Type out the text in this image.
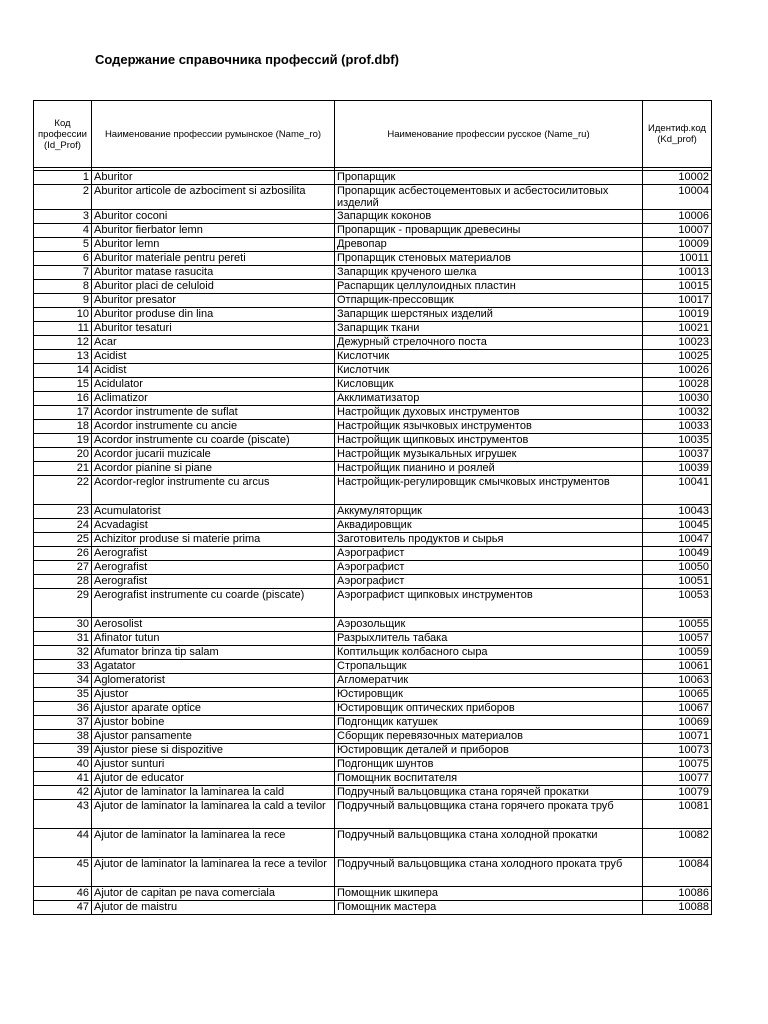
Содержание справочника профессий (prof.dbf)
Код профессии (Id_Prof)	Наименование профессии румынское (Name_ro)	Наименование профессии русское (Name_ru)	Идентиф.код (Kd_prof)

1	Aburitor	Пропарщик	10002
2	Aburitor articole de azbociment si azbosilita	Пропарщик асбестоцементовых и асбестосилитовых изделий	10004
3	Aburitor coconi	Запарщик коконов	10006
4	Aburitor fierbator lemn	Пропарщик - проварщик древесины	10007
5	Aburitor lemn	Древопар	10009
6	Aburitor materiale pentru pereti	Пропарщик стеновых материалов	10011
7	Aburitor matase rasucita	Запарщик крученого шелка	10013
8	Aburitor placi de celuloid	Распарщик целлулоидных пластин	10015
9	Aburitor presator	Отпарщик-прессовщик	10017
10	Aburitor produse din lina	Запарщик шерстяных изделий	10019
11	Aburitor tesaturi	Запарщик ткани	10021
12	Acar	Дежурный стрелочного поста	10023
13	Acidist	Кислотчик	10025
14	Acidist	Кислотчик	10026
15	Acidulator	Кисловщик	10028
16	Aclimatizor	Акклиматизатор	10030
17	Acordor instrumente de suflat	Настройщик духовых инструментов	10032
18	Acordor instrumente cu ancie	Настройщик язычковых инструментов	10033
19	Acordor instrumente cu coarde (piscate)	Настройщик щипковых инструментов	10035
20	Acordor jucarii muzicale	Настройщик музыкальных игрушек	10037
21	Acordor pianine si piane	Настройщик пианино и роялей	10039
22	Acordor-reglor instrumente cu arcus	Настройщик-регулировщик смычковых инструментов	10041
23	Acumulatorist	Аккумуляторщик	10043
24	Acvadagist	Аквадировщик	10045
25	Achizitor produse si materie prima	Заготовитель продуктов и сырья	10047
26	Aerografist	Аэрографист	10049
27	Aerografist	Аэрографист	10050
28	Aerografist	Аэрографист	10051
29	Aerografist instrumente cu coarde (piscate)	Аэрографист щипковых инструментов	10053
30	Aerosolist	Аэрозольщик	10055
31	Afinator tutun	Разрыхлитель табака	10057
32	Afumator brinza tip salam	Коптильщик колбасного сыра	10059
33	Agatator	Стропальщик	10061
34	Aglomeratorist	Агломератчик	10063
35	Ajustor	Юстировщик	10065
36	Ajustor aparate optice	Юстировщик оптических приборов	10067
37	Ajustor bobine	Подгонщик катушек	10069
38	Ajustor pansamente	Сборщик перевязочных материалов	10071
39	Ajustor piese si dispozitive	Юстировщик деталей и приборов	10073
40	Ajustor sunturi	Подгонщик шунтов	10075
41	Ajutor de educator	Помощник воспитателя	10077
42	Ajutor de laminator la laminarea la cald	Подручный вальцовщика стана горячей прокатки	10079
43	Ajutor de laminator la laminarea la cald a tevilor	Подручный вальцовщика стана горячего проката труб	10081
44	Ajutor de laminator la laminarea la rece	Подручный вальцовщика стана холодной прокатки	10082
45	Ajutor de laminator la laminarea la rece a tevilor	Подручный вальцовщика стана холодного проката труб	10084
46	Ajutor de capitan pe nava comerciala	Помощник шкипера	10086
47	Ajutor de maistru	Помощник мастера	10088
